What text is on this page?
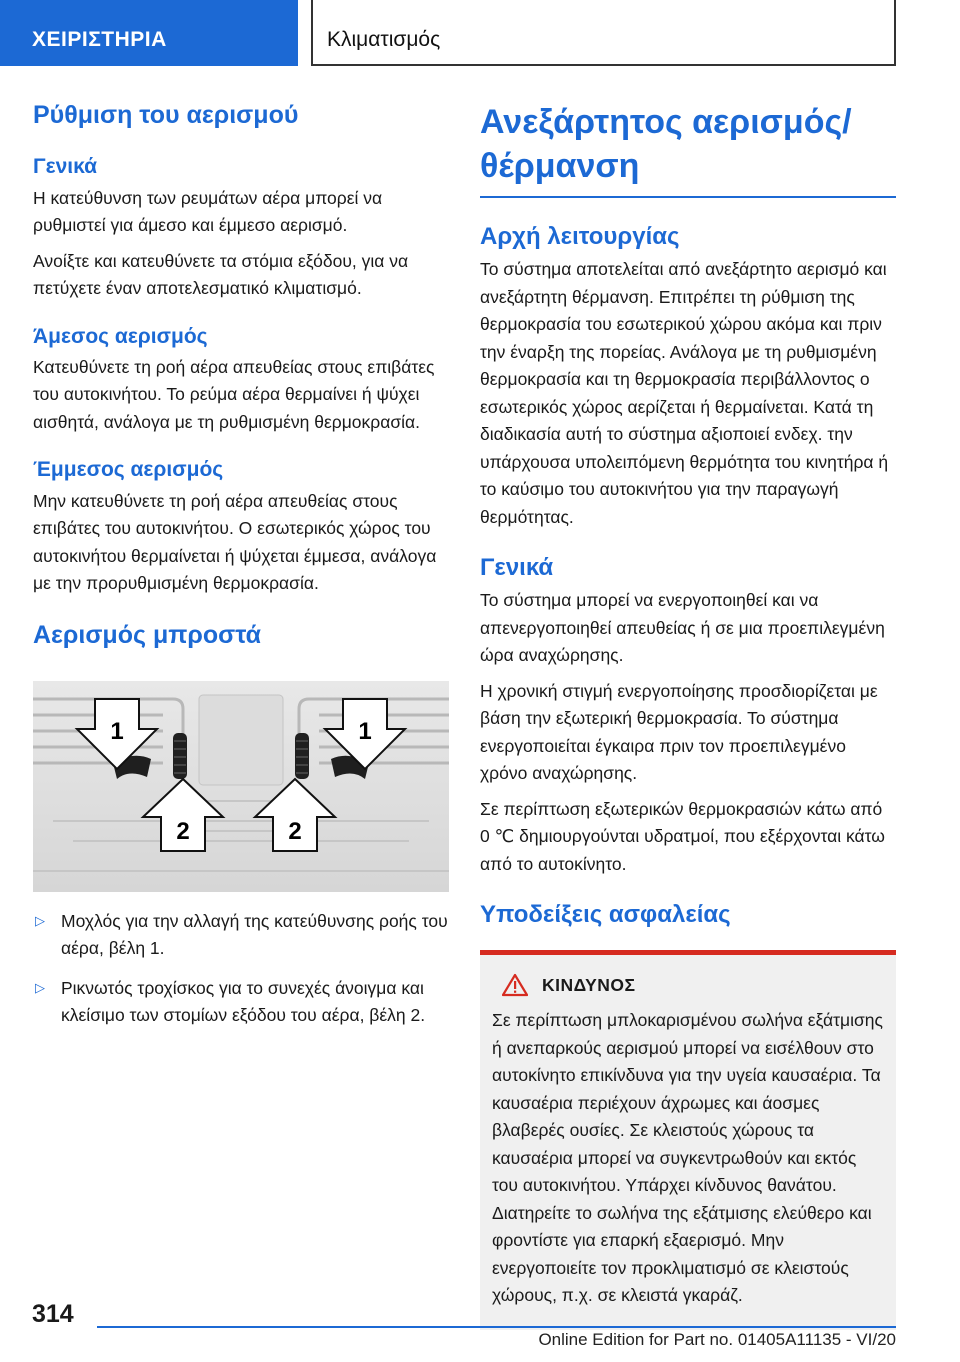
ΧΕΙΡΙΣΤΗΡΙΑ	Κλιματισμός
Ρύθμιση του αερισμού
Γενικά

Η κατεύθυνση των ρευμάτων αέρα μπορεί να ρυθμιστεί για άμεσο και έμμεσο αερισμό.

Ανοίξτε και κατευθύνετε τα στόμια εξόδου, για να πετύχετε έναν αποτελεσματικό κλιματισμό.

Άμεσος αερισμός

Κατευθύνετε τη ροή αέρα απευθείας στους επιβάτες του αυτοκινήτου. Το ρεύμα αέρα θερμαίνει ή ψύχει αισθητά, ανάλογα με τη ρυθμισμένη θερμοκρασία.

Έμμεσος αερισμός

Μην κατευθύνετε τη ροή αέρα απευθείας στους επιβάτες του αυτοκινήτου. Ο εσωτερικός χώρος του αυτοκινήτου θερμαίνεται ή ψύχεται έμμεσα, ανάλογα με την προρυθμισμένη θερμοκρασία.

Αερισμός μπροστά
1	1
2	2
▷ Μοχλός για την αλλαγή της κατεύθυνσης ροής του αέρα, βέλη 1.

▷ Ρικνωτός τροχίσκος για το συνεχές άνοιγμα και κλείσιμο των στομίων εξόδου του αέρα, βέλη 2.

Ανεξάρτητος αερισμός/θέρμανση
Αρχή λειτουργίας

Το σύστημα αποτελείται από ανεξάρτητο αερισμό και ανεξάρτητη θέρμανση. Επιτρέπει τη ρύθμιση της θερμοκρασία του εσωτερικού χώρου ακόμα και πριν την έναρξη της πορείας. Ανάλογα με τη ρυθμισμένη θερμοκρασία και τη θερμοκρασία περιβάλλοντος ο εσωτερικός χώρος αερίζεται ή θερμαίνεται. Κατά τη διαδικασία αυτή το σύστημα αξιοποιεί ενδεχ. την υπάρχουσα υπολειπόμενη θερμότητα του κινητήρα ή το καύσιμο του αυτοκινήτου για την παραγωγή θερμότητας.

Γενικά

Το σύστημα μπορεί να ενεργοποιηθεί και να απενεργοποιηθεί απευθείας ή σε μια προεπιλεγμένη ώρα αναχώρησης.

Η χρονική στιγμή ενεργοποίησης προσδιορίζεται με βάση την εξωτερική θερμοκρασία. Το σύστημα ενεργοποιείται έγκαιρα πριν τον προεπιλεγμένο χρόνο αναχώρησης.

Σε περίπτωση εξωτερικών θερμοκρασιών κάτω από 0 ℃ δημιουργούνται υδρατμοί, που εξέρχονται κάτω από το αυτοκίνητο.

Υποδείξεις ασφαλείας
ΚΙΝΔΥΝΟΣ

Σε περίπτωση μπλοκαρισμένου σωλήνα εξάτμισης ή ανεπαρκούς αερισμού μπορεί να εισέλθουν στο αυτοκίνητο επικίνδυνα για την υγεία καυσαέρια. Τα καυσαέρια περιέχουν άχρωμες και άοσμες βλαβερές ουσίες. Σε κλειστούς χώρους τα καυσαέρια μπορεί να συγκεντρωθούν και εκτός του αυτοκινήτου. Υπάρχει κίνδυνος θανάτου. Διατηρείτε το σωλήνα της εξάτμισης ελεύθερο και φροντίστε για επαρκή εξαερισμό. Μην ενεργοποιείτε τον προκλιματισμό σε κλειστούς χώρους, π.χ. σε κλειστά γκαράζ.

314
Online Edition for Part no. 01405A11135 - VI/20
